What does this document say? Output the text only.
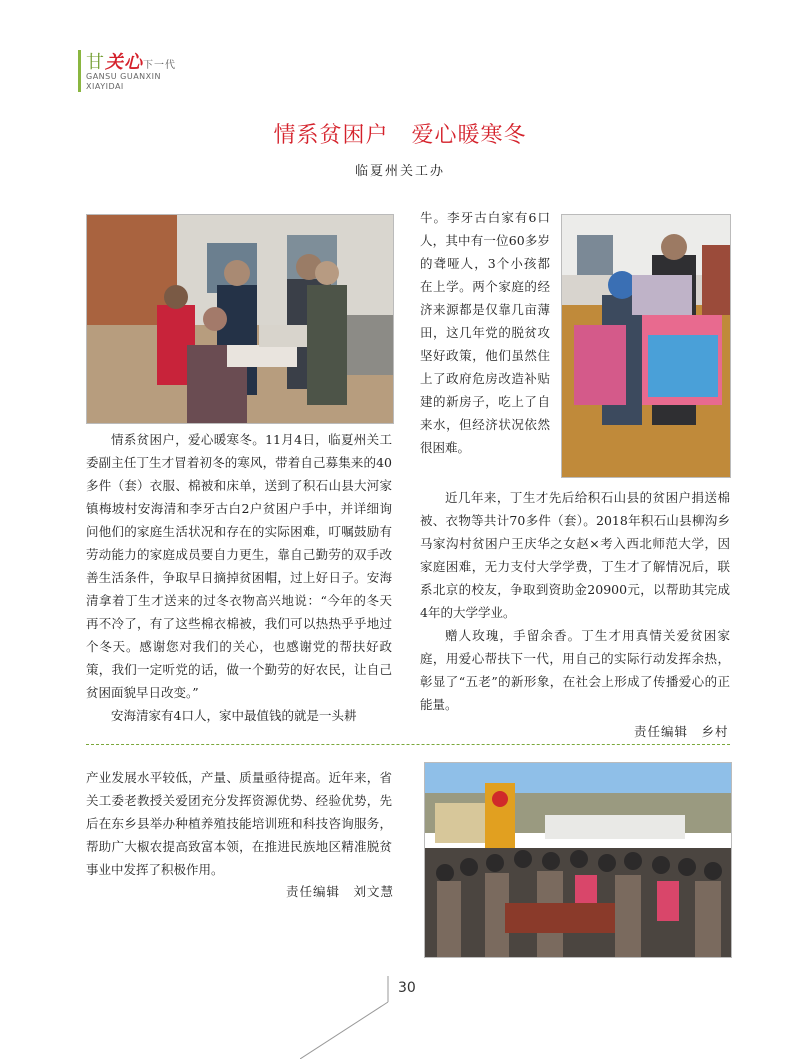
甘关心下一代
GANSU GUANXIN
XIAYIDAI
情系贫困户　爱心暖寒冬
临夏州关工办

情系贫困户，爱心暖寒冬。11月4日，临夏州关工委副主任丁生才冒着初冬的寒风，带着自己募集来的40多件（套）衣服、棉被和床单，送到了积石山县大河家镇梅坡村安海清和李牙古白2户贫困户手中，并详细询问他们的家庭生活状况和存在的实际困难，叮嘱鼓励有劳动能力的家庭成员要自力更生，靠自己勤劳的双手改善生活条件，争取早日摘掉贫困帽，过上好日子。安海清拿着丁生才送来的过冬衣物高兴地说：“今年的冬天再不冷了，有了这些棉衣棉被，我们可以热热乎乎地过个冬天。感谢您对我们的关心，也感谢党的帮扶好政策，我们一定听党的话，做一个勤劳的好农民，让自己贫困面貌早日改变。”

安海清家有4口人，家中最值钱的就是一头耕

牛。李牙古白家有6口人，其中有一位60多岁的聋哑人，3个小孩都在上学。两个家庭的经济来源都是仅靠几亩薄田，这几年党的脱贫攻坚好政策，他们虽然住上了政府危房改造补贴建的新房子，吃上了自来水，但经济状况依然很困难。

近几年来，丁生才先后给积石山县的贫困户捐送棉被、衣物等共计70多件（套）。2018年积石山县柳沟乡马家沟村贫困户王庆华之女赵×考入西北师范大学，因家庭困难，无力支付大学学费，丁生才了解情况后，联系北京的校友，争取到资助金20900元，以帮助其完成4年的大学学业。

赠人玫瑰，手留余香。丁生才用真情关爱贫困家庭，用爱心帮扶下一代，用自己的实际行动发挥余热，彰显了“五老”的新形象，在社会上形成了传播爱心的正能量。

责任编辑　乡村

产业发展水平较低，产量、质量亟待提高。近年来，省关工委老教授关爱团充分发挥资源优势、经验优势，先后在东乡县举办种植养殖技能培训班和科技咨询服务，帮助广大椒农提高致富本领，在推进民族地区精准脱贫事业中发挥了积极作用。

责任编辑　刘文慧
30
